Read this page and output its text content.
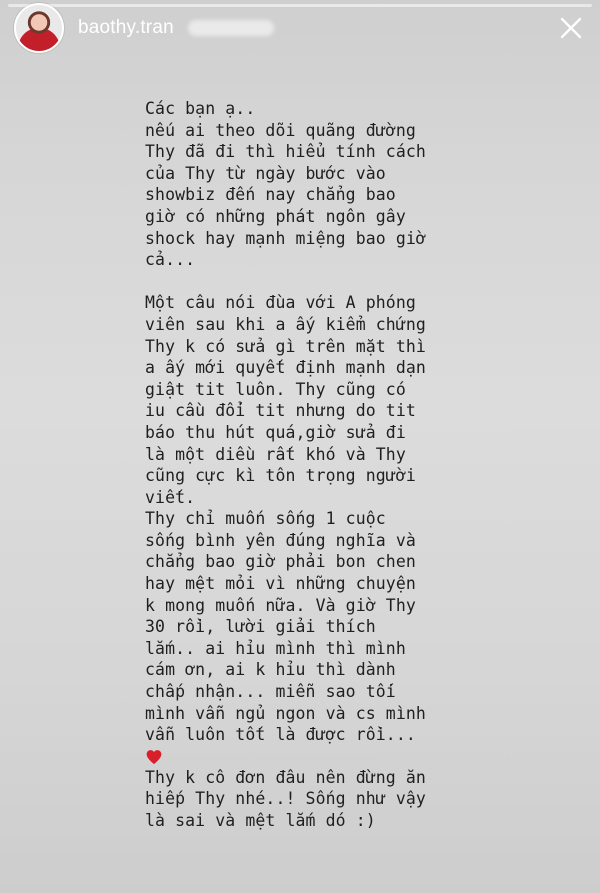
baothy.tran
Các bạn ạ..
nếu ai theo dõi quãng đường
Thy đã đi thì hiểu tính cách
của Thy từ ngày bước vào
showbiz đến nay chẳng bao
giờ có những phát ngôn gây
shock hay mạnh miệng bao giờ
cả...
Một câu nói đùa với A phóng
viên sau khi a ấy kiểm chứng
Thy k có sửa gì trên mặt thì
a ấy mới quyết định mạnh dạn
giật tit luôn. Thy cũng có
iu cầu đổi tit nhưng do tit
báo thu hút quá,giờ sửa đi
là một diều rất khó và Thy
cũng cực kì tôn trọng người
viết.
Thy chỉ muốn sống 1 cuộc
sống bình yên đúng nghĩa và
chẳng bao giờ phải bon chen
hay mệt mỏi vì những chuyện
k mong muốn nữa. Và giờ Thy
30 rồi, lười giải thích
lắm.. ai hỉu mình thì mình
cám ơn, ai k hỉu thì dành
chấp nhận... miễn sao tối
mình vẫn ngủ ngon và cs mình
vẫn luôn tốt là được rồi...
Thy k cô đơn đâu nên đừng ăn
hiếp Thy nhé..! Sống như vậy
là sai và mệt lắm dó :)
